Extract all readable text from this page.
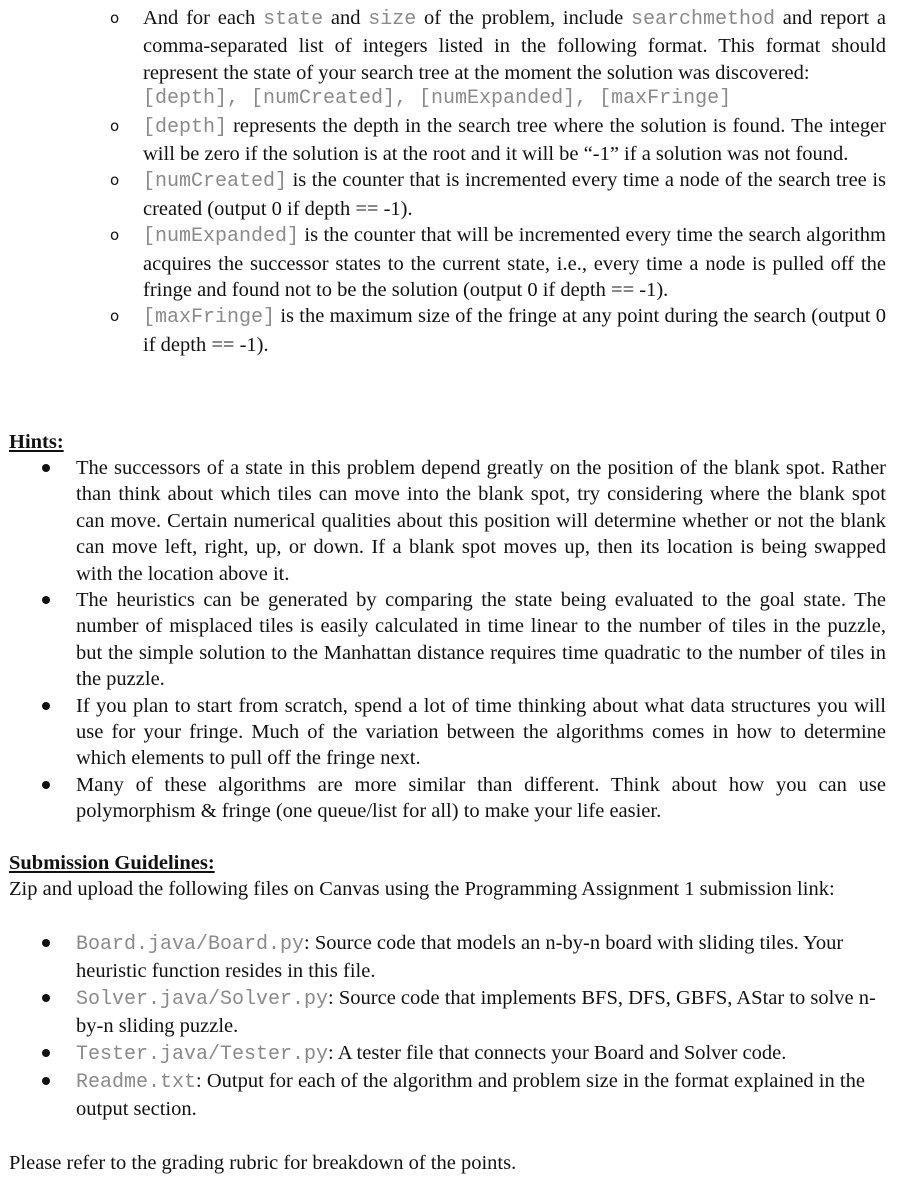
o
And for each state and size of the problem, include searchmethod and report a comma-separated list of integers listed in the following format. This format should represent the state of your search tree at the moment the solution was discovered:
[depth], [numCreated], [numExpanded], [maxFringe]
o
[depth] represents the depth in the search tree where the solution is found. The integer will be zero if the solution is at the root and it will be “-1” if a solution was not found.
o
[numCreated] is the counter that is incremented every time a node of the search tree is created (output 0 if depth == -1).
o
[numExpanded] is the counter that will be incremented every time the search algorithm acquires the successor states to the current state, i.e., every time a node is pulled off the fringe and found not to be the solution (output 0 if depth == -1).
o
[maxFringe] is the maximum size of the fringe at any point during the search (output 0 if depth == -1).
Hints:
The successors of a state in this problem depend greatly on the position of the blank spot. Rather than think about which tiles can move into the blank spot, try considering where the blank spot can move. Certain numerical qualities about this position will determine whether or not the blank can move left, right, up, or down. If a blank spot moves up, then its location is being swapped with the location above it.
The heuristics can be generated by comparing the state being evaluated to the goal state. The number of misplaced tiles is easily calculated in time linear to the number of tiles in the puzzle, but the simple solution to the Manhattan distance requires time quadratic to the number of tiles in the puzzle.
If you plan to start from scratch, spend a lot of time thinking about what data structures you will use for your fringe. Much of the variation between the algorithms comes in how to determine which elements to pull off the fringe next.
Many of these algorithms are more similar than different. Think about how you can use polymorphism & fringe (one queue/list for all) to make your life easier.
Submission Guidelines:
Zip and upload the following files on Canvas using the Programming Assignment 1 submission link:
Board.java/Board.py: Source code that models an n-by-n board with sliding tiles. Your heuristic function resides in this file.
Solver.java/Solver.py: Source code that implements BFS, DFS, GBFS, AStar to solve n-by-n sliding puzzle.
Tester.java/Tester.py: A tester file that connects your Board and Solver code.
Readme.txt: Output for each of the algorithm and problem size in the format explained in the output section.
Please refer to the grading rubric for breakdown of the points.
